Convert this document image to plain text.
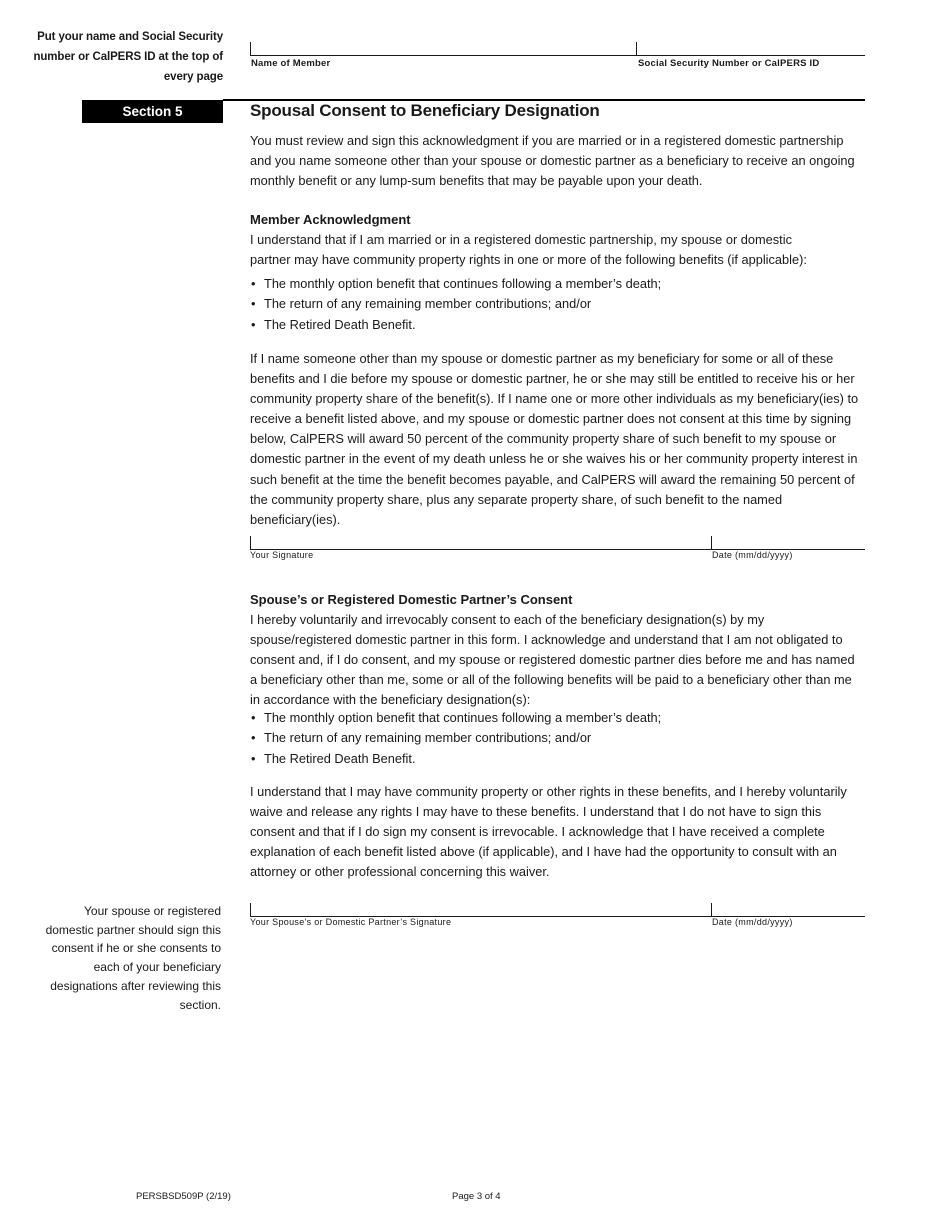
Put your name and Social Security number or CalPERS ID at the top of every page
Name of Member	Social Security Number or CalPERS ID
Section 5	Spousal Consent to Beneficiary Designation

You must review and sign this acknowledgment if you are married or in a registered domestic partnership and you name someone other than your spouse or domestic partner as a beneficiary to receive an ongoing monthly benefit or any lump-sum benefits that may be payable upon your death.

Member Acknowledgment

I understand that if I am married or in a registered domestic partnership, my spouse or domestic partner may have community property rights in one or more of the following benefits (if applicable):

• The monthly option benefit that continues following a member’s death;
• The return of any remaining member contributions; and/or
• The Retired Death Benefit.

If I name someone other than my spouse or domestic partner as my beneficiary for some or all of these benefits and I die before my spouse or domestic partner, he or she may still be entitled to receive his or her community property share of the benefit(s). If I name one or more other individuals as my beneficiary(ies) to receive a benefit listed above, and my spouse or domestic partner does not consent at this time by signing below, CalPERS will award 50 percent of the community property share of such benefit to my spouse or domestic partner in the event of my death unless he or she waives his or her community property interest in such benefit at the time the benefit becomes payable, and CalPERS will award the remaining 50 percent of the community property share, plus any separate property share, of such benefit to the named beneficiary(ies).

Your Signature	Date (mm/dd/yyyy)
Spouse’s or Registered Domestic Partner’s Consent

I hereby voluntarily and irrevocably consent to each of the beneficiary designation(s) by my spouse/registered domestic partner in this form. I acknowledge and understand that I am not obligated to consent and, if I do consent, and my spouse or registered domestic partner dies before me and has named a beneficiary other than me, some or all of the following benefits will be paid to a beneficiary other than me in accordance with the beneficiary designation(s):

• The monthly option benefit that continues following a member’s death;
• The return of any remaining member contributions; and/or
• The Retired Death Benefit.

I understand that I may have community property or other rights in these benefits, and I hereby voluntarily waive and release any rights I may have to these benefits. I understand that I do not have to sign this consent and that if I do sign my consent is irrevocable. I acknowledge that I have received a complete explanation of each benefit listed above (if applicable), and I have had the opportunity to consult with an attorney or other professional concerning this waiver.

Your Spouse’s or Domestic Partner’s Signature	Date (mm/dd/yyyy)
Your spouse or registered domestic partner should sign this consent if he or she consents to each of your beneficiary designations after reviewing this section.
PERSBSD509P (2/19)	Page 3 of 4
